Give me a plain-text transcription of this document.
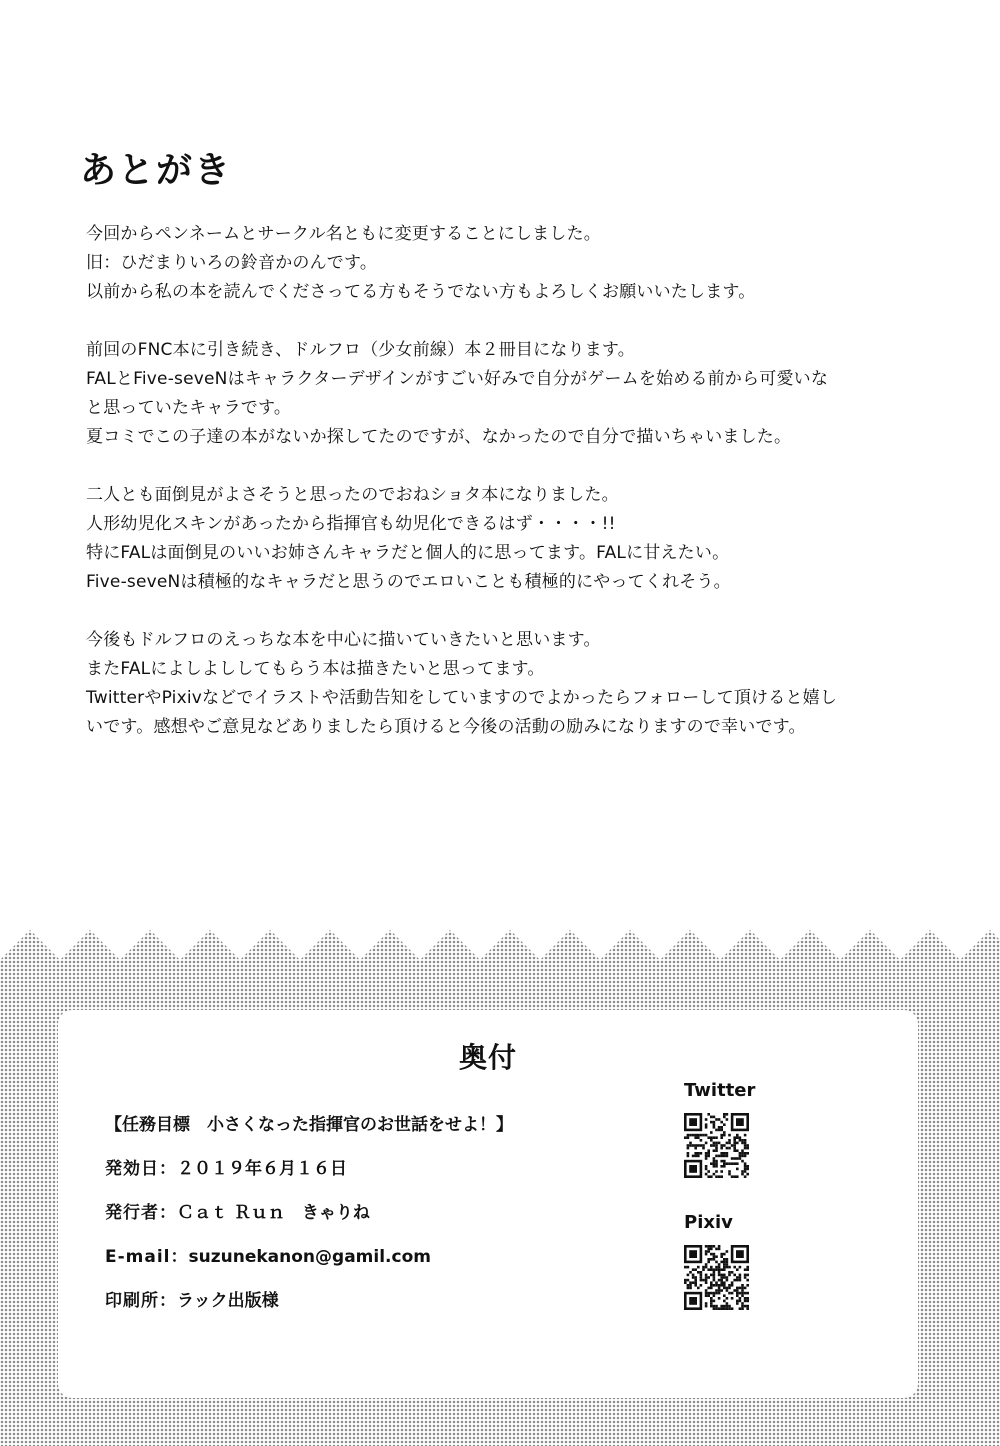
あとがき

今回からペンネームとサークル名ともに変更することにしました。
旧：ひだまりいろの鈴音かのんです。
以前から私の本を読んでくださってる方もそうでない方もよろしくお願いいたします。

前回のFNC本に引き続き、ドルフロ（少女前線）本２冊目になります。
FALとFive-seveNはキャラクターデザインがすごい好みで自分がゲームを始める前から可愛いな
と思っていたキャラです。
夏コミでこの子達の本がないか探してたのですが、なかったので自分で描いちゃいました。

二人とも面倒見がよさそうと思ったのでおねショタ本になりました。
人形幼児化スキンがあったから指揮官も幼児化できるはず・・・・!!
特にFALは面倒見のいいお姉さんキャラだと個人的に思ってます。FALに甘えたい。
Five-seveNは積極的なキャラだと思うのでエロいことも積極的にやってくれそう。

今後もドルフロのえっちな本を中心に描いていきたいと思います。
またFALによしよししてもらう本は描きたいと思ってます。
TwitterやPixivなどでイラストや活動告知をしていますのでよかったらフォローして頂けると嬉し
いです。感想やご意見などありましたら頂けると今後の活動の励みになりますので幸いです。

奥付
【任務目標　小さくなった指揮官のお世話をせよ！】
発効日：２０１９年６月１６日
発行者：Ｃａｔ Ｒｕｎ　きゃりね
E-mail：suzunekanon@gamil.com
印刷所：ラック出版様
Twitter
Pixiv
